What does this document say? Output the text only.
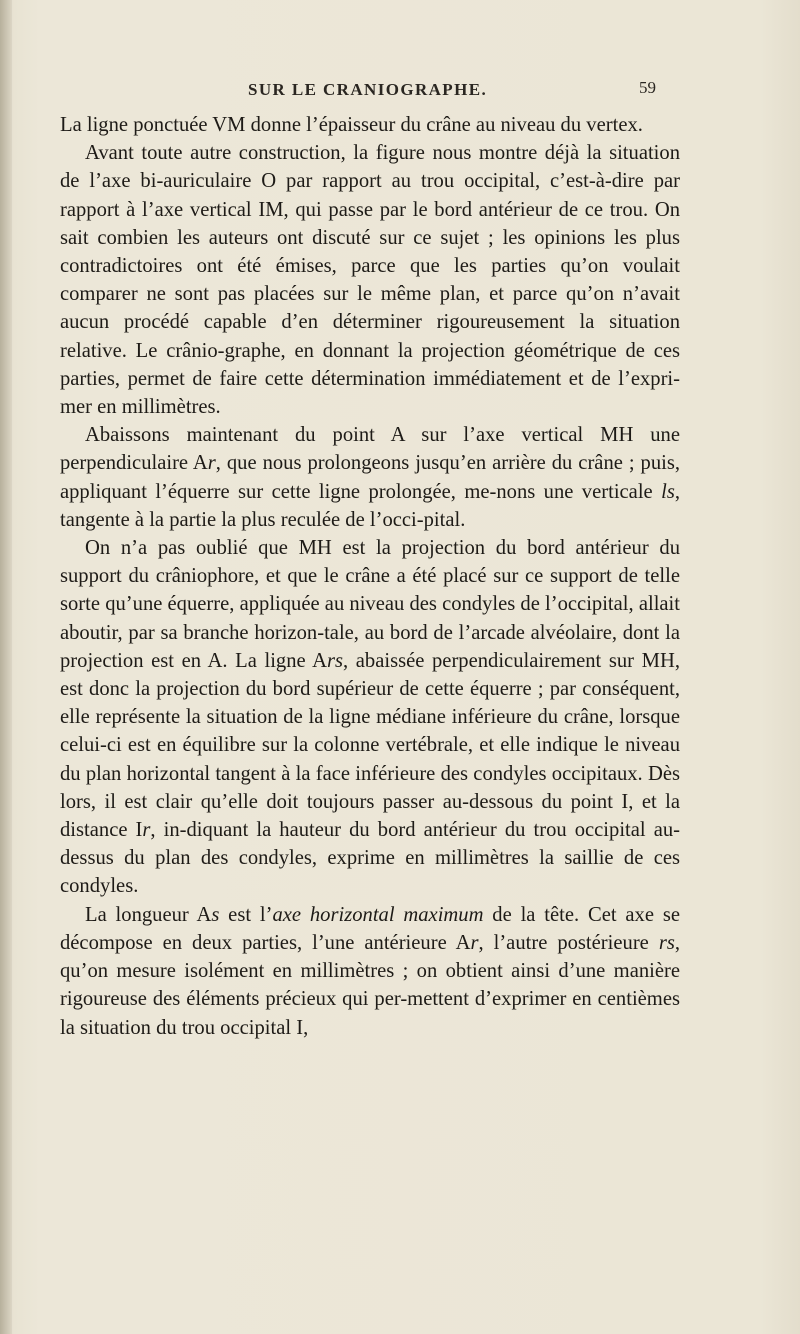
SUR LE CRANIOGRAPHE.	59

La ligne ponctuée VM donne l’épaisseur du crâne au niveau du vertex.

Avant toute autre construction, la figure nous montre déjà la situation de l’axe bi-auriculaire O par rapport au trou occipital, c’est-à-dire par rapport à l’axe vertical IM, qui passe par le bord antérieur de ce trou. On sait combien les auteurs ont discuté sur ce sujet ; les opinions les plus contradictoires ont été émises, parce que les parties qu’on voulait comparer ne sont pas placées sur le même plan, et parce qu’on n’avait aucun procédé capable d’en déterminer rigoureusement la situation relative. Le crânio-graphe, en donnant la projection géométrique de ces parties, permet de faire cette détermination immédiatement et de l’expri-mer en millimètres.

Abaissons maintenant du point A sur l’axe vertical MH une perpendiculaire Ar, que nous prolongeons jusqu’en arrière du crâne ; puis, appliquant l’équerre sur cette ligne prolongée, me-nons une verticale ls, tangente à la partie la plus reculée de l’occi-pital.

On n’a pas oublié que MH est la projection du bord antérieur du support du crâniophore, et que le crâne a été placé sur ce support de telle sorte qu’une équerre, appliquée au niveau des condyles de l’occipital, allait aboutir, par sa branche horizon-tale, au bord de l’arcade alvéolaire, dont la projection est en A. La ligne Ars, abaissée perpendiculairement sur MH, est donc la projection du bord supérieur de cette équerre ; par conséquent, elle représente la situation de la ligne médiane inférieure du crâne, lorsque celui-ci est en équilibre sur la colonne vertébrale, et elle indique le niveau du plan horizontal tangent à la face inférieure des condyles occipitaux. Dès lors, il est clair qu’elle doit toujours passer au-dessous du point I, et la distance Ir, in-diquant la hauteur du bord antérieur du trou occipital au-dessus du plan des condyles, exprime en millimètres la saillie de ces condyles.

La longueur As est l’axe horizontal maximum de la tête. Cet axe se décompose en deux parties, l’une antérieure Ar, l’autre postérieure rs, qu’on mesure isolément en millimètres ; on obtient ainsi d’une manière rigoureuse des éléments précieux qui per-mettent d’exprimer en centièmes la situation du trou occipital I,
